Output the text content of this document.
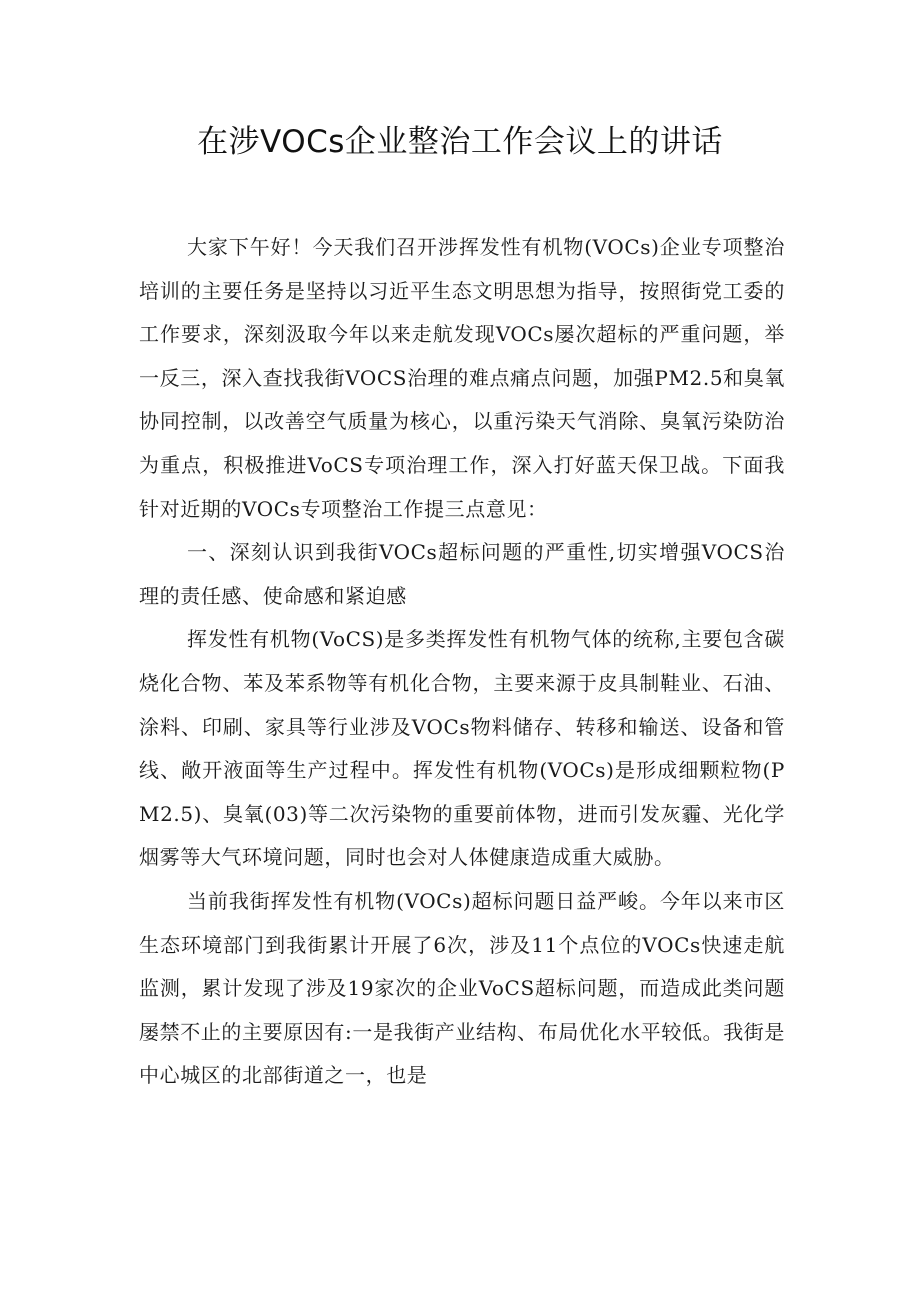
在涉VOCs企业整治工作会议上的讲话

大家下午好！今天我们召开涉挥发性有机物(VOCs)企业专项整治培训的主要任务是坚持以习近平生态文明思想为指导，按照街党工委的工作要求，深刻汲取今年以来走航发现VOCs屡次超标的严重问题，举一反三，深入查找我街VOCS治理的难点痛点问题，加强PM2.5和臭氧协同控制，以改善空气质量为核心，以重污染天气消除、臭氧污染防治为重点，积极推进VoCS专项治理工作，深入打好蓝天保卫战。下面我针对近期的VOCs专项整治工作提三点意见：

一、深刻认识到我街VOCs超标问题的严重性,切实增强VOCS治理的责任感、使命感和紧迫感

挥发性有机物(VoCS)是多类挥发性有机物气体的统称,主要包含碳烧化合物、苯及苯系物等有机化合物，主要来源于皮具制鞋业、石油、涂料、印刷、家具等行业涉及VOCs物料储存、转移和输送、设备和管线、敞开液面等生产过程中。挥发性有机物(VOCs)是形成细颗粒物(PM2.5)、臭氧(03)等二次污染物的重要前体物，进而引发灰霾、光化学烟雾等大气环境问题，同时也会对人体健康造成重大威胁。

当前我街挥发性有机物(VOCs)超标问题日益严峻。今年以来市区生态环境部门到我街累计开展了6次，涉及11个点位的VOCs快速走航监测，累计发现了涉及19家次的企业VoCS超标问题，而造成此类问题屡禁不止的主要原因有:一是我街产业结构、布局优化水平较低。我街是中心城区的北部街道之一，也是
